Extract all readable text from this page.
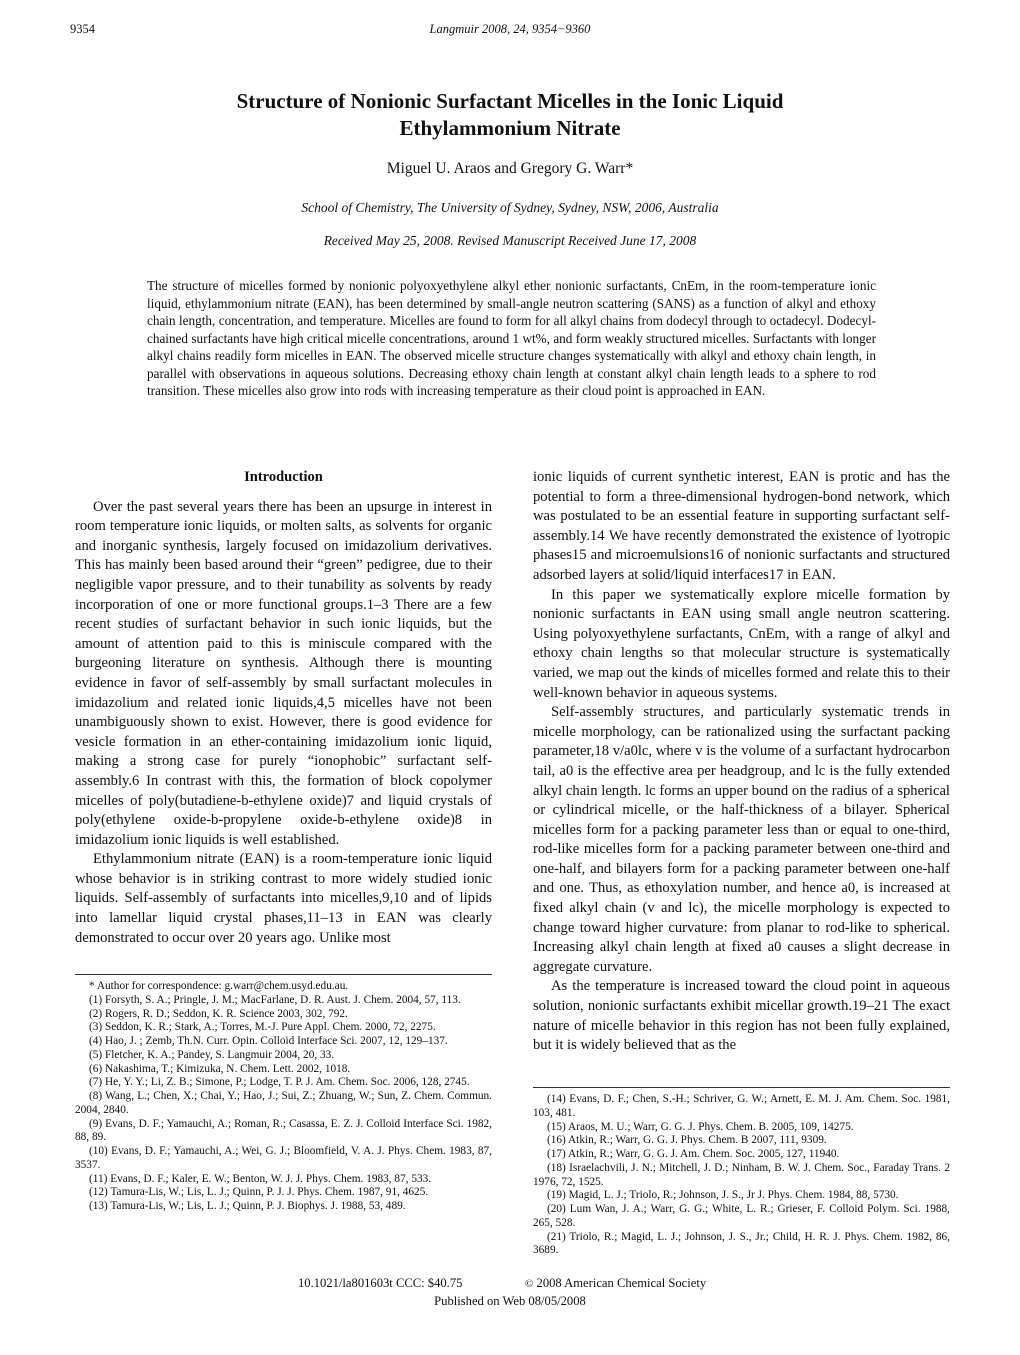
9354	Langmuir 2008, 24, 9354−9360
Structure of Nonionic Surfactant Micelles in the Ionic Liquid
Ethylammonium Nitrate
Miguel U. Araos and Gregory G. Warr*
School of Chemistry, The University of Sydney, Sydney, NSW, 2006, Australia
Received May 25, 2008. Revised Manuscript Received June 17, 2008
The structure of micelles formed by nonionic polyoxyethylene alkyl ether nonionic surfactants, CnEm, in the room-temperature ionic liquid, ethylammonium nitrate (EAN), has been determined by small-angle neutron scattering (SANS) as a function of alkyl and ethoxy chain length, concentration, and temperature. Micelles are found to form for all alkyl chains from dodecyl through to octadecyl. Dodecyl-chained surfactants have high critical micelle concentrations, around 1 wt%, and form weakly structured micelles. Surfactants with longer alkyl chains readily form micelles in EAN. The observed micelle structure changes systematically with alkyl and ethoxy chain length, in parallel with observations in aqueous solutions. Decreasing ethoxy chain length at constant alkyl chain length leads to a sphere to rod transition. These micelles also grow into rods with increasing temperature as their cloud point is approached in EAN.
Introduction

Over the past several years there has been an upsurge in interest in room temperature ionic liquids, or molten salts, as solvents for organic and inorganic synthesis, largely focused on imidazolium derivatives. This has mainly been based around their “green” pedigree, due to their negligible vapor pressure, and to their tunability as solvents by ready incorporation of one or more functional groups.1–3 There are a few recent studies of surfactant behavior in such ionic liquids, but the amount of attention paid to this is miniscule compared with the burgeoning literature on synthesis. Although there is mounting evidence in favor of self-assembly by small surfactant molecules in imidazolium and related ionic liquids,4,5 micelles have not been unambiguously shown to exist. However, there is good evidence for vesicle formation in an ether-containing imidazolium ionic liquid, making a strong case for purely “ionophobic” surfactant self-assembly.6 In contrast with this, the formation of block copolymer micelles of poly(butadiene-b-ethylene oxide)7 and liquid crystals of poly(ethylene oxide-b-propylene oxide-b-ethylene oxide)8 in imidazolium ionic liquids is well established.

Ethylammonium nitrate (EAN) is a room-temperature ionic liquid whose behavior is in striking contrast to more widely studied ionic liquids. Self-assembly of surfactants into micelles,9,10 and of lipids into lamellar liquid crystal phases,11–13 in EAN was clearly demonstrated to occur over 20 years ago. Unlike most

ionic liquids of current synthetic interest, EAN is protic and has the potential to form a three-dimensional hydrogen-bond network, which was postulated to be an essential feature in supporting surfactant self-assembly.14 We have recently demonstrated the existence of lyotropic phases15 and microemulsions16 of nonionic surfactants and structured adsorbed layers at solid/liquid interfaces17 in EAN.

In this paper we systematically explore micelle formation by nonionic surfactants in EAN using small angle neutron scattering. Using polyoxyethylene surfactants, CnEm, with a range of alkyl and ethoxy chain lengths so that molecular structure is systematically varied, we map out the kinds of micelles formed and relate this to their well-known behavior in aqueous systems.

Self-assembly structures, and particularly systematic trends in micelle morphology, can be rationalized using the surfactant packing parameter,18 v/a0lc, where v is the volume of a surfactant hydrocarbon tail, a0 is the effective area per headgroup, and lc is the fully extended alkyl chain length. lc forms an upper bound on the radius of a spherical or cylindrical micelle, or the half-thickness of a bilayer. Spherical micelles form for a packing parameter less than or equal to one-third, rod-like micelles form for a packing parameter between one-third and one-half, and bilayers form for a packing parameter between one-half and one. Thus, as ethoxylation number, and hence a0, is increased at fixed alkyl chain (v and lc), the micelle morphology is expected to change toward higher curvature: from planar to rod-like to spherical. Increasing alkyl chain length at fixed a0 causes a slight decrease in aggregate curvature.

As the temperature is increased toward the cloud point in aqueous solution, nonionic surfactants exhibit micellar growth.19–21 The exact nature of micelle behavior in this region has not been fully explained, but it is widely believed that as the

* Author for correspondence: g.warr@chem.usyd.edu.au.
(1) Forsyth, S. A.; Pringle, J. M.; MacFarlane, D. R. Aust. J. Chem. 2004, 57, 113.
(2) Rogers, R. D.; Seddon, K. R. Science 2003, 302, 792.
(3) Seddon, K. R.; Stark, A.; Torres, M.-J. Pure Appl. Chem. 2000, 72, 2275.
(4) Hao, J. ; Zemb, Th.N. Curr. Opin. Colloid Interface Sci. 2007, 12, 129–137.
(5) Fletcher, K. A.; Pandey, S. Langmuir 2004, 20, 33.
(6) Nakashima, T.; Kimizuka, N. Chem. Lett. 2002, 1018.
(7) He, Y. Y.; Li, Z. B.; Simone, P.; Lodge, T. P. J. Am. Chem. Soc. 2006, 128, 2745.
(8) Wang, L.; Chen, X.; Chai, Y.; Hao, J.; Sui, Z.; Zhuang, W.; Sun, Z. Chem. Commun. 2004, 2840.
(9) Evans, D. F.; Yamauchi, A.; Roman, R.; Casassa, E. Z. J. Colloid Interface Sci. 1982, 88, 89.
(10) Evans, D. F.; Yamauchi, A.; Wei, G. J.; Bloomfield, V. A. J. Phys. Chem. 1983, 87, 3537.
(11) Evans, D. F.; Kaler, E. W.; Benton, W. J. J. Phys. Chem. 1983, 87, 533.
(12) Tamura-Lis, W.; Lis, L. J.; Quinn, P. J. J. Phys. Chem. 1987, 91, 4625.
(13) Tamura-Lis, W.; Lis, L. J.; Quinn, P. J. Biophys. J. 1988, 53, 489.
(14) Evans, D. F.; Chen, S.-H.; Schriver, G. W.; Arnett, E. M. J. Am. Chem. Soc. 1981, 103, 481.
(15) Araos, M. U.; Warr, G. G. J. Phys. Chem. B. 2005, 109, 14275.
(16) Atkin, R.; Warr, G. G. J. Phys. Chem. B 2007, 111, 9309.
(17) Atkin, R.; Warr, G. G. J. Am. Chem. Soc. 2005, 127, 11940.
(18) Israelachvili, J. N.; Mitchell, J. D.; Ninham, B. W. J. Chem. Soc., Faraday Trans. 2 1976, 72, 1525.
(19) Magid, L. J.; Triolo, R.; Johnson, J. S., Jr J. Phys. Chem. 1984, 88, 5730.
(20) Lum Wan, J. A.; Warr, G. G.; White, L. R.; Grieser, F. Colloid Polym. Sci. 1988, 265, 528.
(21) Triolo, R.; Magid, L. J.; Johnson, J. S., Jr.; Child, H. R. J. Phys. Chem. 1982, 86, 3689.
10.1021/la801603t CCC: $40.75	© 2008 American Chemical Society
Published on Web 08/05/2008
